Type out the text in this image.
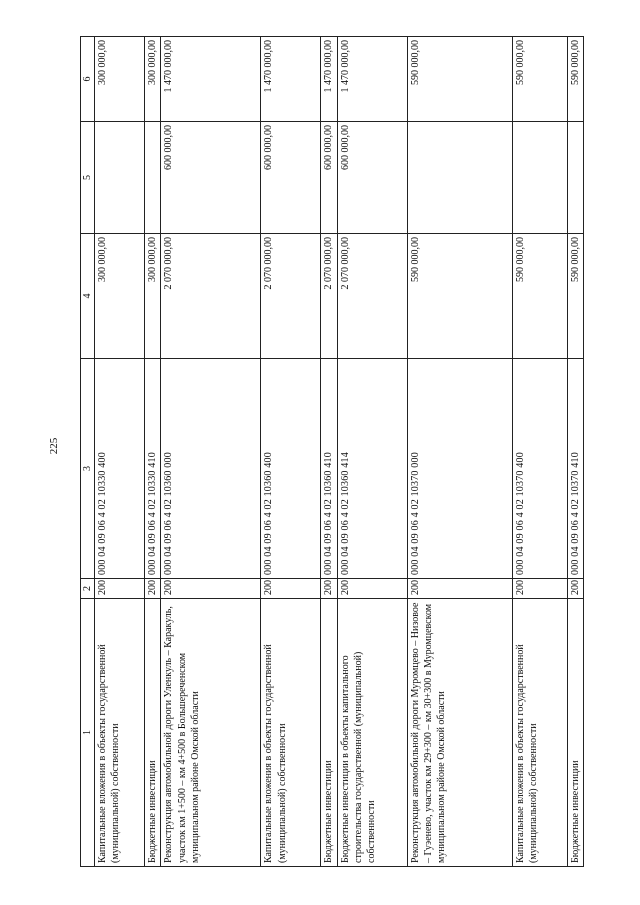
225
1	2	3	4	5	6
Капитальные вложения в объекты государственной (муниципальной) собственности	200	000 04 09 06 4 02 10330 400	300 000,00		300 000,00
Бюджетные инвестиции	200	000 04 09 06 4 02 10330 410	300 000,00		300 000,00
Реконструкция автомобильной дороги Уленкуль – Каракуль, участок км 1+500 – км 4+500 в Большереченском муниципальном районе Омской области	200	000 04 09 06 4 02 10360 000	2 070 000,00	600 000,00	1 470 000,00
Капитальные вложения в объекты государственной (муниципальной) собственности	200	000 04 09 06 4 02 10360 400	2 070 000,00	600 000,00	1 470 000,00
Бюджетные инвестиции	200	000 04 09 06 4 02 10360 410	2 070 000,00	600 000,00	1 470 000,00
Бюджетные инвестиции в объекты капитального строительства государственной (муниципальной) собственности	200	000 04 09 06 4 02 10360 414	2 070 000,00	600 000,00	1 470 000,00
Реконструкция автомобильной дороги Муромцево – Низовое – Гуэенево, участок км 29+300 – км 30+300 в Муромцевском муниципальном районе Омской области	200	000 04 09 06 4 02 10370 000	590 000,00		590 000,00
Капитальные вложения в объекты государственной (муниципальной) собственности	200	000 04 09 06 4 02 10370 400	590 000,00		590 000,00
Бюджетные инвестиции	200	000 04 09 06 4 02 10370 410	590 000,00		590 000,00
